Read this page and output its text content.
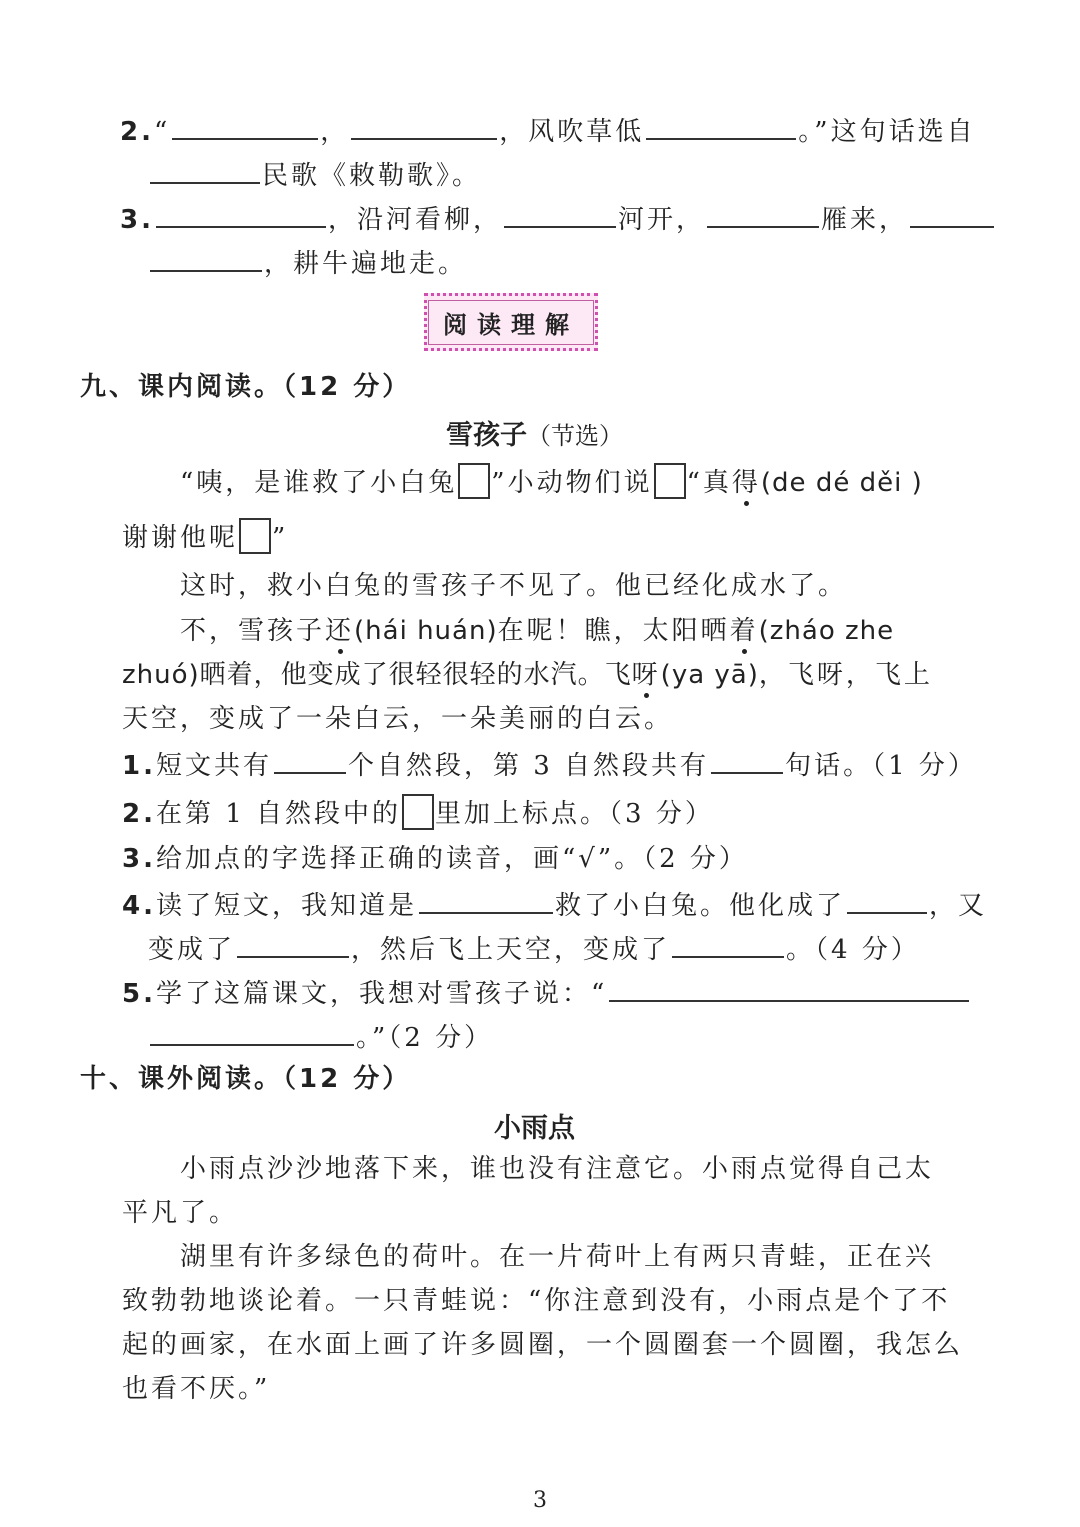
2.“	，	，风吹草低	。”这句话选自
民歌《敕勒歌》。
3.	，沿河看柳，	河开，	雁来，
，耕牛遍地走。
阅读理解
九、课内阅读。（12 分）
雪孩子（节选）
“咦，是谁救了小白兔 ”小动物们说 “真得(de dé děi )
谢谢他呢 ”
这时，救小白兔的雪孩子不见了。他已经化成水了。
不，雪孩子还(hái huán)在呢！瞧，太阳晒着(zháo zhe
zhuó)晒着，他变成了很轻很轻的水汽。飞呀(ya yā)，飞呀，飞上
天空，变成了一朵白云，一朵美丽的白云。
1.短文共有	个自然段，第 3 自然段共有	句话。（1 分）
2.在第 1 自然段中的 里加上标点。（3 分）
3.给加点的字选择正确的读音，画“√”。（2 分）
4.读了短文，我知道是	救了小白兔。他化成了	，又
变成了	，然后飞上天空，变成了	。（4 分）
5.学了这篇课文，我想对雪孩子说：“
。”（2 分）
十、课外阅读。（12 分）
小雨点
小雨点沙沙地落下来，谁也没有注意它。小雨点觉得自己太
平凡了。
湖里有许多绿色的荷叶。在一片荷叶上有两只青蛙，正在兴
致勃勃地谈论着。一只青蛙说：“你注意到没有，小雨点是个了不
起的画家，在水面上画了许多圆圈，一个圆圈套一个圆圈，我怎么
也看不厌。”
3
